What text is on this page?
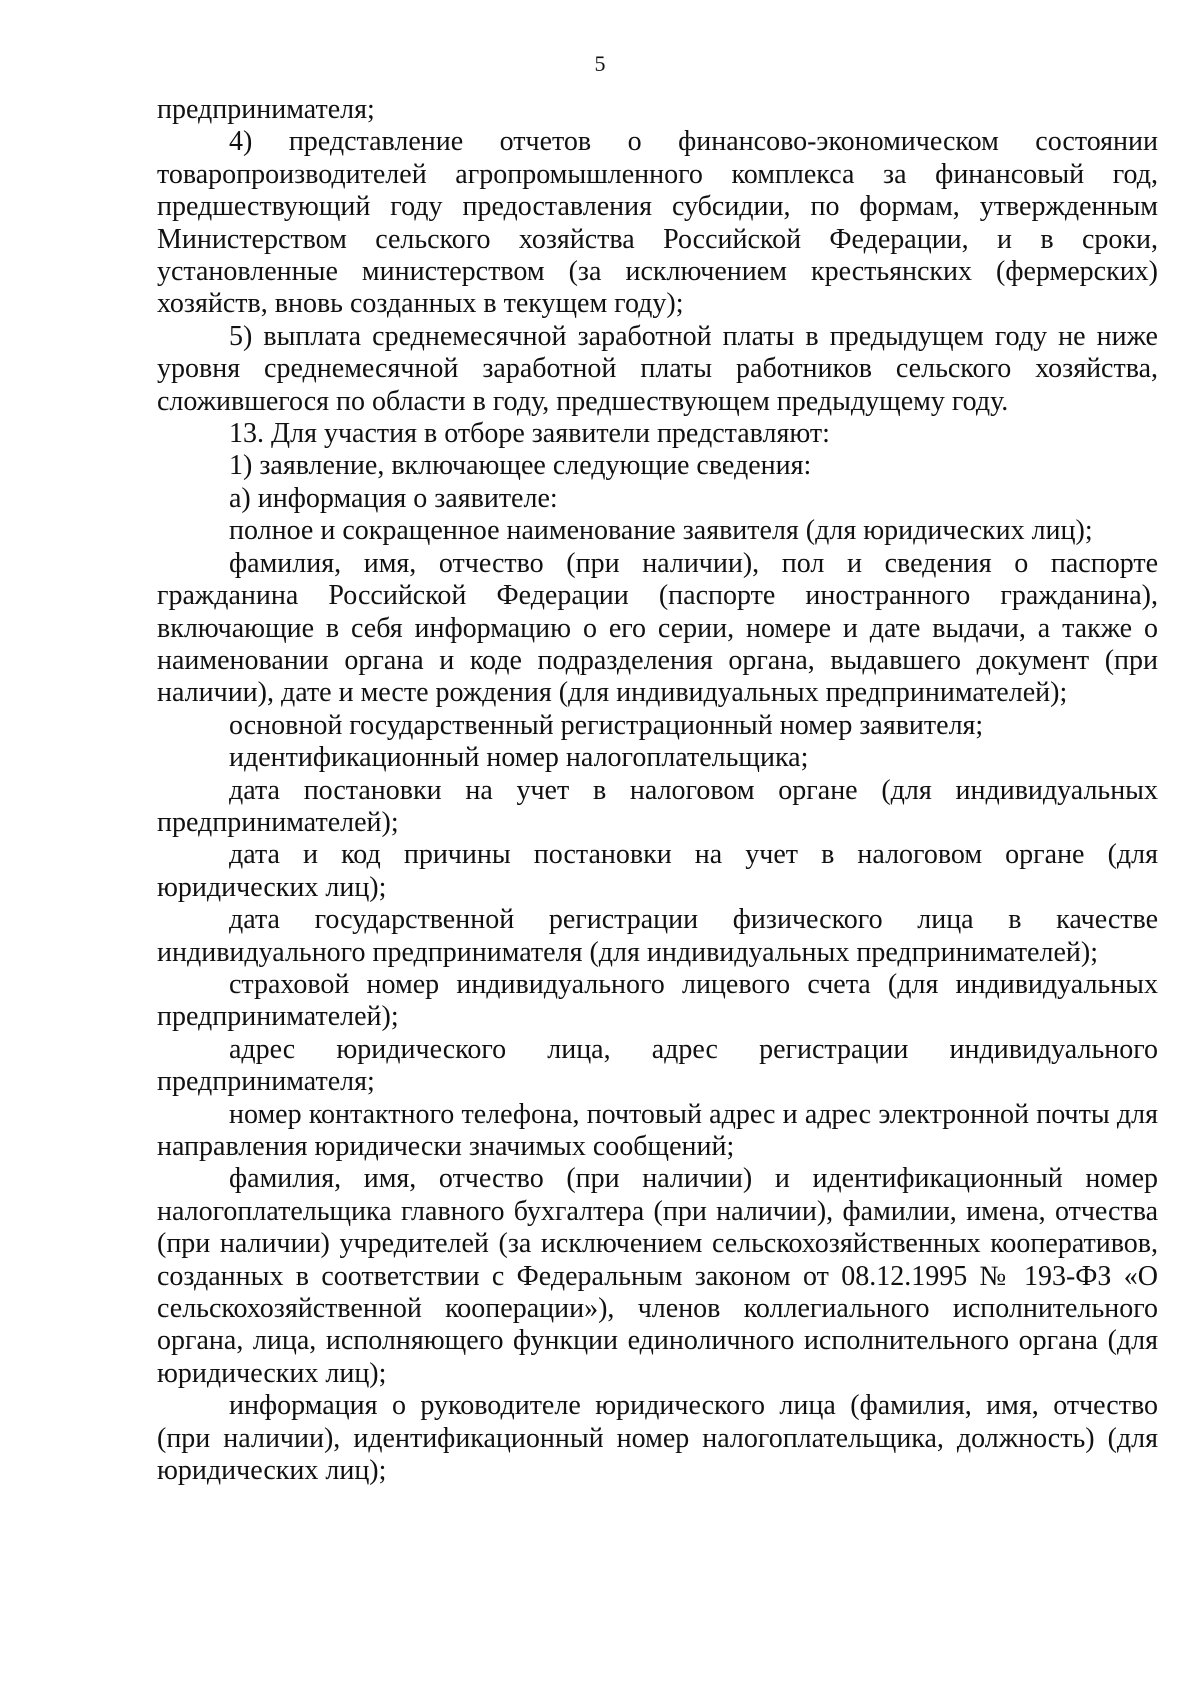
5

предпринимателя;

4) представление отчетов о финансово-экономическом состоянии товаропроизводителей агропромышленного комплекса за финансовый год, предшествующий году предоставления субсидии, по формам, утвержденным Министерством сельского хозяйства Российской Федерации, и в сроки, установленные министерством (за исключением крестьянских (фермерских) хозяйств, вновь созданных в текущем году);

5) выплата среднемесячной заработной платы в предыдущем году не ниже уровня среднемесячной заработной платы работников сельского хозяйства, сложившегося по области в году, предшествующем предыдущему году.

13. Для участия в отборе заявители представляют:

1) заявление, включающее следующие сведения:

а) информация о заявителе:

полное и сокращенное наименование заявителя (для юридических лиц);

фамилия, имя, отчество (при наличии), пол и сведения о паспорте гражданина Российской Федерации (паспорте иностранного гражданина), включающие в себя информацию о его серии, номере и дате выдачи, а также о наименовании органа и коде подразделения органа, выдавшего документ (при наличии), дате и месте рождения (для индивидуальных предпринимателей);

основной государственный регистрационный номер заявителя;

идентификационный номер налогоплательщика;

дата постановки на учет в налоговом органе (для индивидуальных предпринимателей);

дата и код причины постановки на учет в налоговом органе (для юридических лиц);

дата государственной регистрации физического лица в качестве индивидуального предпринимателя (для индивидуальных предпринимателей);

страховой номер индивидуального лицевого счета (для индивидуальных предпринимателей);

адрес юридического лица, адрес регистрации индивидуального предпринимателя;

номер контактного телефона, почтовый адрес и адрес электронной почты для направления юридически значимых сообщений;

фамилия, имя, отчество (при наличии) и идентификационный номер налогоплательщика главного бухгалтера (при наличии), фамилии, имена, отчества (при наличии) учредителей (за исключением сельскохозяйственных кооперативов, созданных в соответствии с Федеральным законом от 08.12.1995 № 193-ФЗ «О сельскохозяйственной кооперации»), членов коллегиального исполнительного органа, лица, исполняющего функции единоличного исполнительного органа (для юридических лиц);

информация о руководителе юридического лица (фамилия, имя, отчество (при наличии), идентификационный номер налогоплательщика, должность) (для юридических лиц);
